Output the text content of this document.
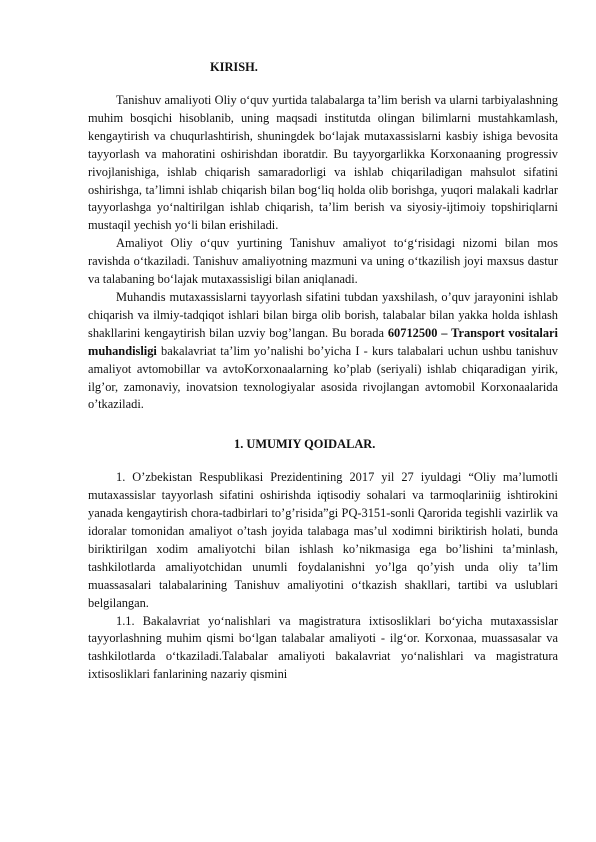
KIRISH.

Tanishuv amaliyoti Oliy o‘quv yurtida talabalarga ta’lim berish va ularni tarbiyalashning muhim bosqichi hisoblanib, uning maqsadi institutda olingan bilimlarni mustahkamlash, kengaytirish va chuqurlashtirish, shuningdek bo‘lajak mutaxassislarni kasbiy ishiga bevosita tayyorlash va mahoratini oshirishdan iboratdir. Bu tayyorgarlikka Korxonaaning progressiv rivojlanishiga, ishlab chiqarish samaradorligi va ishlab chiqariladigan mahsulot sifatini oshirishga, ta’limni ishlab chiqarish bilan bog‘liq holda olib borishga, yuqori malakali kadrlar tayyorlashga yo‘naltirilgan ishlab chiqarish, ta’lim berish va siyosiy-ijtimoiy topshiriqlarni mustaqil yechish yo‘li bilan erishiladi.

Amaliyot Oliy o‘quv yurtining Tanishuv amaliyot to‘g‘risidagi nizomi bilan mos ravishda o‘tkaziladi. Tanishuv amaliyotning mazmuni va uning o‘tkazilish joyi maxsus dastur va talabaning bo‘lajak mutaxassisligi bilan aniqlanadi.

Muhandis mutaxassislarni tayyorlash sifatini tubdan yaxshilash, o’quv jarayonini ishlab chiqarish va ilmiy-tadqiqot ishlari bilan birga olib borish, talabalar bilan yakka holda ishlash shakllarini kengaytirish bilan uzviy bog’langan. Bu borada 60712500 – Transport vositalari muhandisligi bakalavriat ta’lim yo’nalishi bo’yicha I - kurs talabalari uchun ushbu tanishuv amaliyot avtomobillar va avtoKorxonaalarning ko’plab (seriyali) ishlab chiqaradigan yirik, ilg’or, zamonaviy, inovatsion texnologiyalar asosida rivojlangan avtomobil Korxonaalarida o’tkaziladi.

1. UMUMIY QOIDALAR.

1. O’zbekistan Respublikasi Prezidentining 2017 yil 27 iyuldagi “Oliy ma’lumotli mutaxassislar tayyorlash sifatini oshirishda iqtisodiy sohalari va tarmoqlariniig ishtirokini yanada kengaytirish chora-tadbirlari to’g’risida”gi PQ-3151-sonli Qarorida tegishli vazirlik va idoralar tomonidan amaliyot o’tash joyida talabaga mas’ul xodimni biriktirish holati, bunda biriktirilgan xodim amaliyotchi bilan ishlash ko’nikmasiga ega bo’lishini ta’minlash, tashkilotlarda amaliyotchidan unumli foydalanishni yo’lga qo’yish unda oliy ta’lim muassasalari talabalarining Tanishuv amaliyotini o‘tkazish shakllari, tartibi va uslublari belgilangan.

1.1. Bakalavriat yo‘nalishlari va magistratura ixtisosliklari bo‘yicha mutaxassislar tayyorlashning muhim qismi bo‘lgan talabalar amaliyoti - ilg‘or. Korxonaa, muassasalar va tashkilotlarda o‘tkaziladi.Talabalar amaliyoti bakalavriat yo‘nalishlari va magistratura ixtisosliklari fanlarining nazariy qismini
